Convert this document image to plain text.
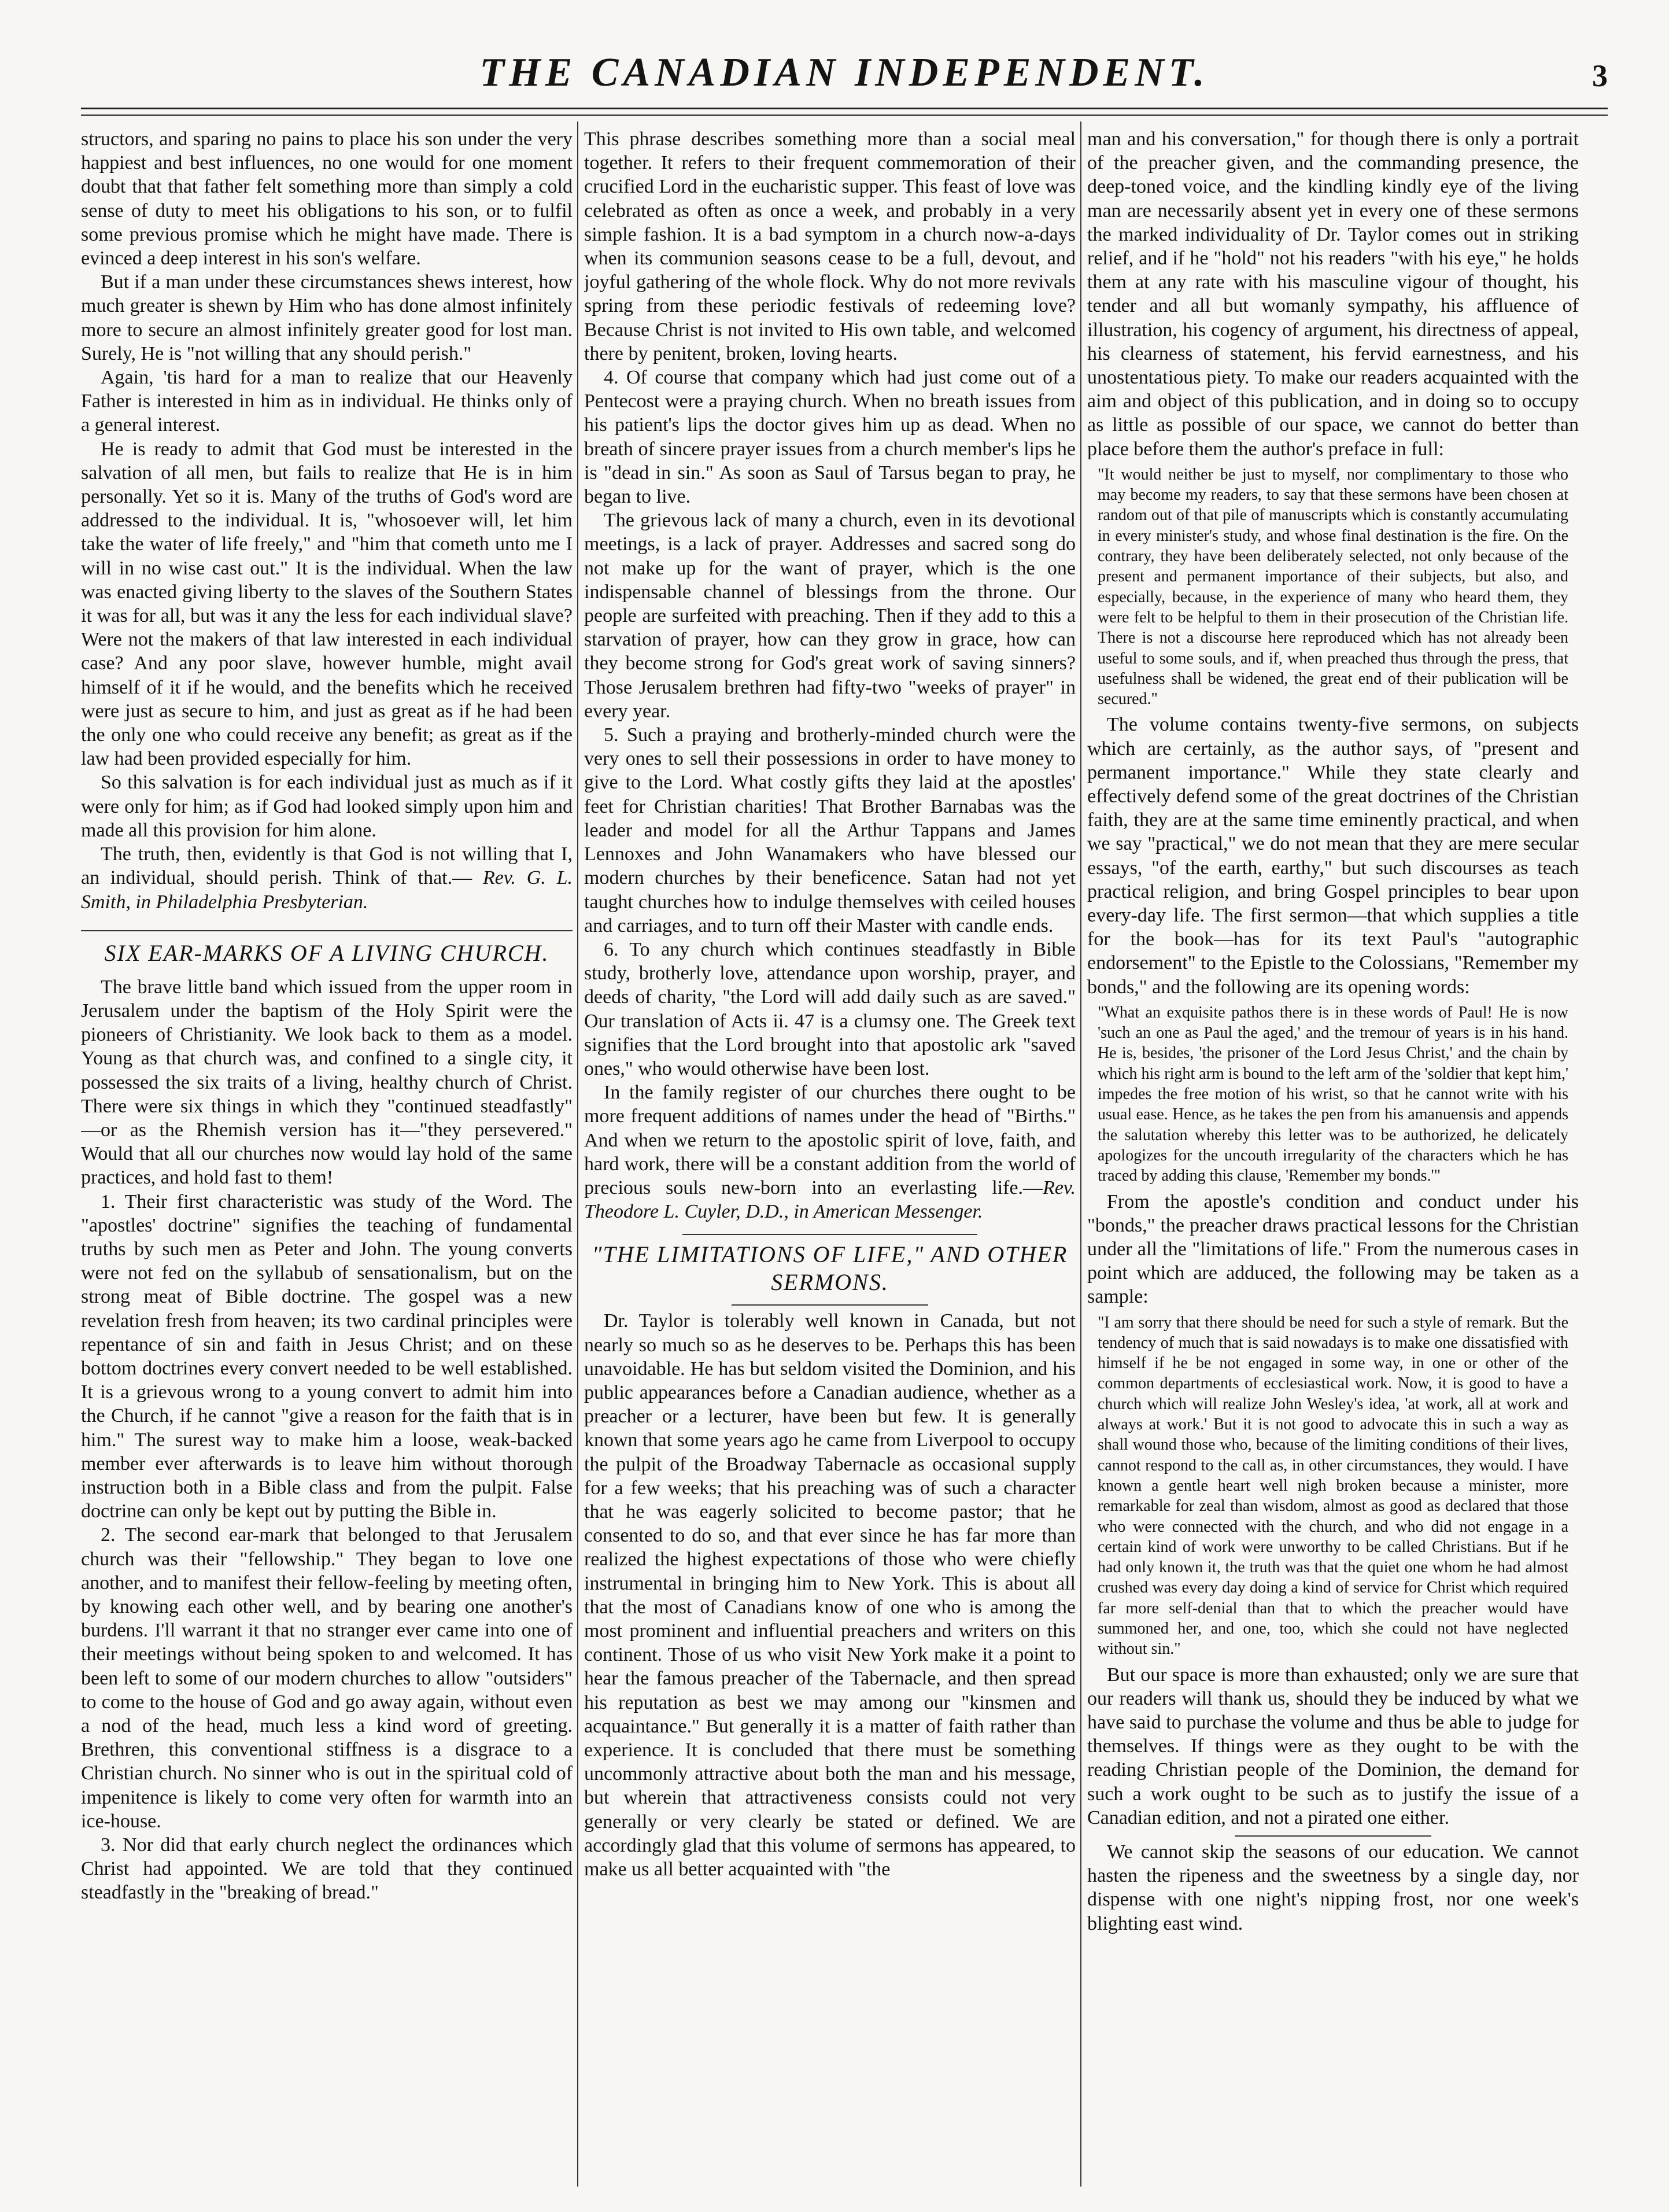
THE CANADIAN INDEPENDENT.	3

structors, and sparing no pains to place his son under the very happiest and best influences, no one would for one moment doubt that that father felt something more than simply a cold sense of duty to meet his obligations to his son, or to fulfil some previous promise which he might have made. There is evinced a deep interest in his son's welfare.

But if a man under these circumstances shews interest, how much greater is shewn by Him who has done almost infinitely more to secure an almost infinitely greater good for lost man. Surely, He is "not willing that any should perish."

Again, 'tis hard for a man to realize that our Heavenly Father is interested in him as in individual. He thinks only of a general interest.

He is ready to admit that God must be interested in the salvation of all men, but fails to realize that He is in him personally. Yet so it is. Many of the truths of God's word are addressed to the individual. It is, "whosoever will, let him take the water of life freely," and "him that cometh unto me I will in no wise cast out." It is the individual. When the law was enacted giving liberty to the slaves of the Southern States it was for all, but was it any the less for each individual slave? Were not the makers of that law interested in each individual case? And any poor slave, however humble, might avail himself of it if he would, and the benefits which he received were just as secure to him, and just as great as if he had been the only one who could receive any benefit; as great as if the law had been provided especially for him.

So this salvation is for each individual just as much as if it were only for him; as if God had looked simply upon him and made all this provision for him alone.

The truth, then, evidently is that God is not willing that I, an individual, should perish. Think of that.— Rev. G. L. Smith, in Philadelphia Presbyterian.

SIX EAR-MARKS OF A LIVING CHURCH.

The brave little band which issued from the upper room in Jerusalem under the baptism of the Holy Spirit were the pioneers of Christianity. We look back to them as a model. Young as that church was, and confined to a single city, it possessed the six traits of a living, healthy church of Christ. There were six things in which they "continued steadfastly" —or as the Rhemish version has it—"they persevered." Would that all our churches now would lay hold of the same practices, and hold fast to them!

1. Their first characteristic was study of the Word. The "apostles' doctrine" signifies the teaching of fundamental truths by such men as Peter and John. The young converts were not fed on the syllabub of sensationalism, but on the strong meat of Bible doctrine. The gospel was a new revelation fresh from heaven; its two cardinal principles were repentance of sin and faith in Jesus Christ; and on these bottom doctrines every convert needed to be well established. It is a grievous wrong to a young convert to admit him into the Church, if he cannot "give a reason for the faith that is in him." The surest way to make him a loose, weak-backed member ever afterwards is to leave him without thorough instruction both in a Bible class and from the pulpit. False doctrine can only be kept out by putting the Bible in.

2. The second ear-mark that belonged to that Jerusalem church was their "fellowship." They began to love one another, and to manifest their fellow-feeling by meeting often, by knowing each other well, and by bearing one another's burdens. I'll warrant it that no stranger ever came into one of their meetings without being spoken to and welcomed. It has been left to some of our modern churches to allow "outsiders" to come to the house of God and go away again, without even a nod of the head, much less a kind word of greeting. Brethren, this conventional stiffness is a disgrace to a Christian church. No sinner who is out in the spiritual cold of impenitence is likely to come very often for warmth into an ice-house.

3. Nor did that early church neglect the ordinances which Christ had appointed. We are told that they continued steadfastly in the "breaking of bread."

This phrase describes something more than a social meal together. It refers to their frequent commemoration of their crucified Lord in the eucharistic supper. This feast of love was celebrated as often as once a week, and probably in a very simple fashion. It is a bad symptom in a church now-a-days when its communion seasons cease to be a full, devout, and joyful gathering of the whole flock. Why do not more revivals spring from these periodic festivals of redeeming love? Because Christ is not invited to His own table, and welcomed there by penitent, broken, loving hearts.

4. Of course that company which had just come out of a Pentecost were a praying church. When no breath issues from his patient's lips the doctor gives him up as dead. When no breath of sincere prayer issues from a church member's lips he is "dead in sin." As soon as Saul of Tarsus began to pray, he began to live.

The grievous lack of many a church, even in its devotional meetings, is a lack of prayer. Addresses and sacred song do not make up for the want of prayer, which is the one indispensable channel of blessings from the throne. Our people are surfeited with preaching. Then if they add to this a starvation of prayer, how can they grow in grace, how can they become strong for God's great work of saving sinners? Those Jerusalem brethren had fifty-two "weeks of prayer" in every year.

5. Such a praying and brotherly-minded church were the very ones to sell their possessions in order to have money to give to the Lord. What costly gifts they laid at the apostles' feet for Christian charities! That Brother Barnabas was the leader and model for all the Arthur Tappans and James Lennoxes and John Wanamakers who have blessed our modern churches by their beneficence. Satan had not yet taught churches how to indulge themselves with ceiled houses and carriages, and to turn off their Master with candle ends.

6. To any church which continues steadfastly in Bible study, brotherly love, attendance upon worship, prayer, and deeds of charity, "the Lord will add daily such as are saved." Our translation of Acts ii. 47 is a clumsy one. The Greek text signifies that the Lord brought into that apostolic ark "saved ones," who would otherwise have been lost.

In the family register of our churches there ought to be more frequent additions of names under the head of "Births." And when we return to the apostolic spirit of love, faith, and hard work, there will be a constant addition from the world of precious souls new-born into an everlasting life.—Rev. Theodore L. Cuyler, D.D., in American Messenger.

"THE LIMITATIONS OF LIFE," AND OTHER SERMONS.

Dr. Taylor is tolerably well known in Canada, but not nearly so much so as he deserves to be. Perhaps this has been unavoidable. He has but seldom visited the Dominion, and his public appearances before a Canadian audience, whether as a preacher or a lecturer, have been but few. It is generally known that some years ago he came from Liverpool to occupy the pulpit of the Broadway Tabernacle as occasional supply for a few weeks; that his preaching was of such a character that he was eagerly solicited to become pastor; that he consented to do so, and that ever since he has far more than realized the highest expectations of those who were chiefly instrumental in bringing him to New York. This is about all that the most of Canadians know of one who is among the most prominent and influential preachers and writers on this continent. Those of us who visit New York make it a point to hear the famous preacher of the Tabernacle, and then spread his reputation as best we may among our "kinsmen and acquaintance." But generally it is a matter of faith rather than experience. It is concluded that there must be something uncommonly attractive about both the man and his message, but wherein that attractiveness consists could not very generally or very clearly be stated or defined. We are accordingly glad that this volume of sermons has appeared, to make us all better acquainted with "the

man and his conversation," for though there is only a portrait of the preacher given, and the commanding presence, the deep-toned voice, and the kindling kindly eye of the living man are necessarily absent yet in every one of these sermons the marked individuality of Dr. Taylor comes out in striking relief, and if he "hold" not his readers "with his eye," he holds them at any rate with his masculine vigour of thought, his tender and all but womanly sympathy, his affluence of illustration, his cogency of argument, his directness of appeal, his clearness of statement, his fervid earnestness, and his unostentatious piety. To make our readers acquainted with the aim and object of this publication, and in doing so to occupy as little as possible of our space, we cannot do better than place before them the author's preface in full:

"It would neither be just to myself, nor complimentary to those who may become my readers, to say that these sermons have been chosen at random out of that pile of manuscripts which is constantly accumulating in every minister's study, and whose final destination is the fire. On the contrary, they have been deliberately selected, not only because of the present and permanent importance of their subjects, but also, and especially, because, in the experience of many who heard them, they were felt to be helpful to them in their prosecution of the Christian life. There is not a discourse here reproduced which has not already been useful to some souls, and if, when preached thus through the press, that usefulness shall be widened, the great end of their publication will be secured."

The volume contains twenty-five sermons, on subjects which are certainly, as the author says, of "present and permanent importance." While they state clearly and effectively defend some of the great doctrines of the Christian faith, they are at the same time eminently practical, and when we say "practical," we do not mean that they are mere secular essays, "of the earth, earthy," but such discourses as teach practical religion, and bring Gospel principles to bear upon every-day life. The first sermon—that which supplies a title for the book—has for its text Paul's "autographic endorsement" to the Epistle to the Colossians, "Remember my bonds," and the following are its opening words:

"What an exquisite pathos there is in these words of Paul! He is now 'such an one as Paul the aged,' and the tremour of years is in his hand. He is, besides, 'the prisoner of the Lord Jesus Christ,' and the chain by which his right arm is bound to the left arm of the 'soldier that kept him,' impedes the free motion of his wrist, so that he cannot write with his usual ease. Hence, as he takes the pen from his amanuensis and appends the salutation whereby this letter was to be authorized, he delicately apologizes for the uncouth irregularity of the characters which he has traced by adding this clause, 'Remember my bonds.'"

From the apostle's condition and conduct under his "bonds," the preacher draws practical lessons for the Christian under all the "limitations of life." From the numerous cases in point which are adduced, the following may be taken as a sample:

"I am sorry that there should be need for such a style of remark. But the tendency of much that is said nowadays is to make one dissatisfied with himself if he be not engaged in some way, in one or other of the common departments of ecclesiastical work. Now, it is good to have a church which will realize John Wesley's idea, 'at work, all at work and always at work.' But it is not good to advocate this in such a way as shall wound those who, because of the limiting conditions of their lives, cannot respond to the call as, in other circumstances, they would. I have known a gentle heart well nigh broken because a minister, more remarkable for zeal than wisdom, almost as good as declared that those who were connected with the church, and who did not engage in a certain kind of work were unworthy to be called Christians. But if he had only known it, the truth was that the quiet one whom he had almost crushed was every day doing a kind of service for Christ which required far more self-denial than that to which the preacher would have summoned her, and one, too, which she could not have neglected without sin."

But our space is more than exhausted; only we are sure that our readers will thank us, should they be induced by what we have said to purchase the volume and thus be able to judge for themselves. If things were as they ought to be with the reading Christian people of the Dominion, the demand for such a work ought to be such as to justify the issue of a Canadian edition, and not a pirated one either.

We cannot skip the seasons of our education. We cannot hasten the ripeness and the sweetness by a single day, nor dispense with one night's nipping frost, nor one week's blighting east wind.
